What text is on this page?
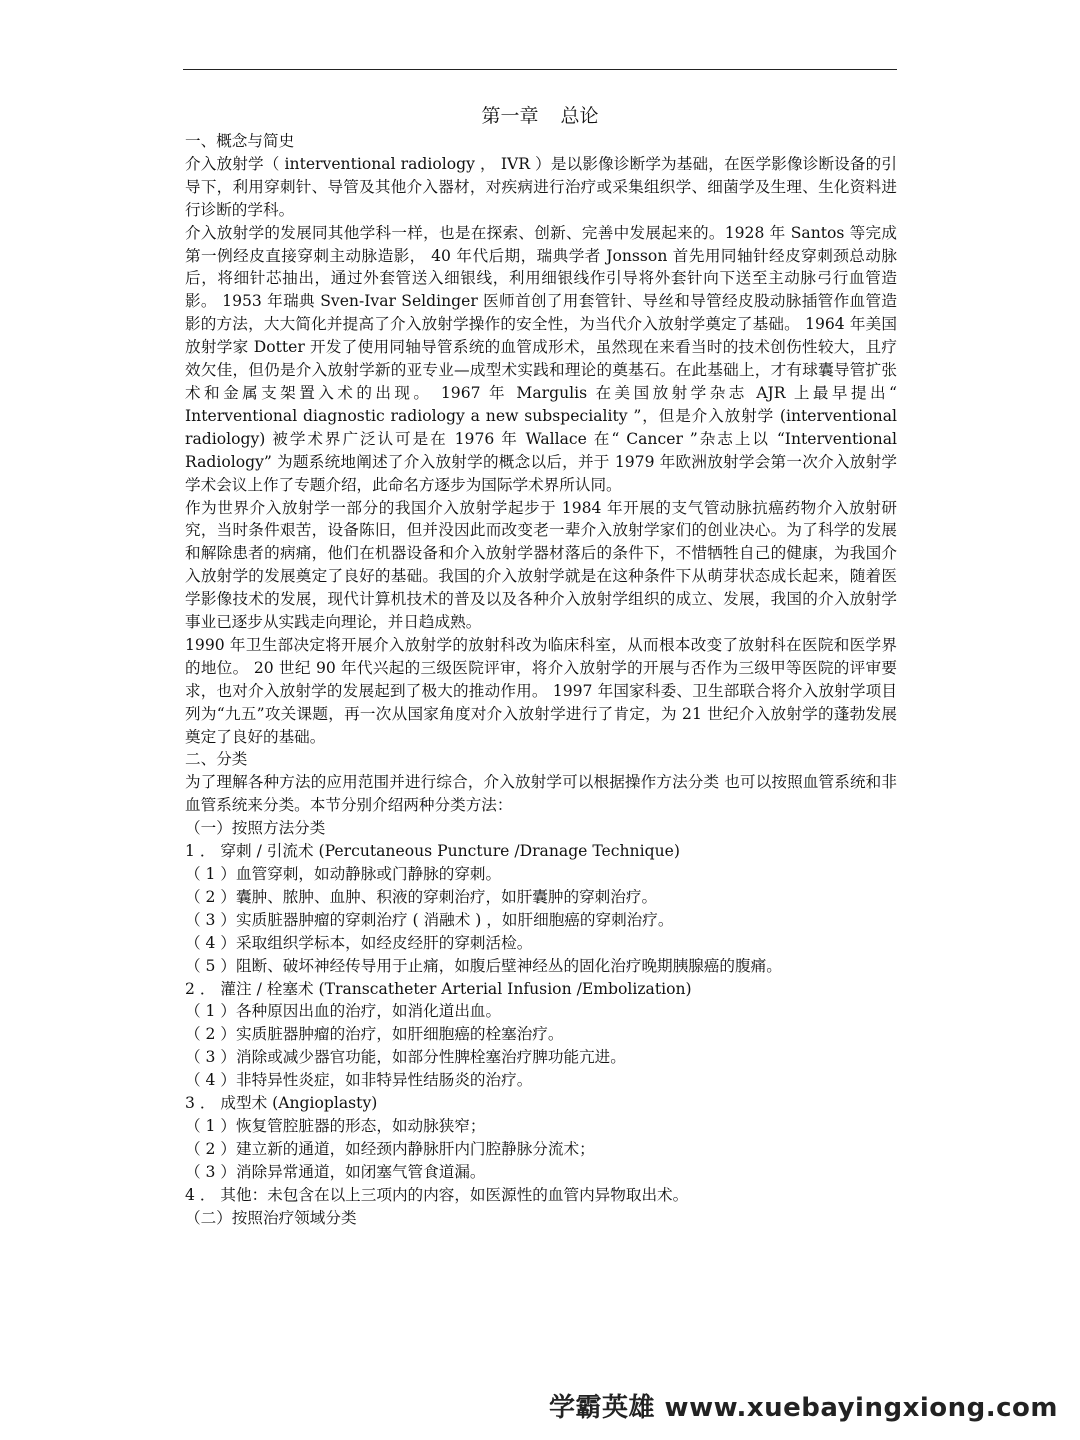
第一章 总论

一、概念与简史

介入放射学（ interventional radiology ， IVR ）是以影像诊断学为基础，在医学影像诊断设备的引导下，利用穿刺针、导管及其他介入器材，对疾病进行治疗或采集组织学、细菌学及生理、生化资料进行诊断的学科。

介入放射学的发展同其他学科一样，也是在探索、创新、完善中发展起来的。1928 年 Santos 等完成第一例经皮直接穿刺主动脉造影， 40 年代后期，瑞典学者 Jonsson 首先用同轴针经皮穿刺颈总动脉后，将细针芯抽出，通过外套管送入细银线，利用细银线作引导将外套针向下送至主动脉弓行血管造影。 1953 年瑞典 Sven-Ivar Seldinger 医师首创了用套管针、导丝和导管经皮股动脉插管作血管造影的方法，大大简化并提高了介入放射学操作的安全性，为当代介入放射学奠定了基础。 1964 年美国放射学家 Dotter 开发了使用同轴导管系统的血管成形术，虽然现在来看当时的技术创伤性较大，且疗效欠佳，但仍是介入放射学新的亚专业—成型术实践和理论的奠基石。在此基础上，才有球囊导管扩张术和金属支架置入术的出现。 1967 年 Margulis 在美国放射学杂志 AJR 上最早提出“ Interventional diagnostic radiology a new subspeciality ”，但是介入放射学 (interventional radiology) 被学术界广泛认可是在 1976 年 Wallace 在“ Cancer ”杂志上以 “Interventional Radiology” 为题系统地阐述了介入放射学的概念以后，并于 1979 年欧洲放射学会第一次介入放射学学术会议上作了专题介绍，此命名方逐步为国际学术界所认同。

作为世界介入放射学一部分的我国介入放射学起步于 1984 年开展的支气管动脉抗癌药物介入放射研究，当时条件艰苦，设备陈旧，但并没因此而改变老一辈介入放射学家们的创业决心。为了科学的发展和解除患者的病痛，他们在机器设备和介入放射学器材落后的条件下，不惜牺牲自己的健康，为我国介入放射学的发展奠定了良好的基础。我国的介入放射学就是在这种条件下从萌芽状态成长起来，随着医学影像技术的发展，现代计算机技术的普及以及各种介入放射学组织的成立、发展，我国的介入放射学事业已逐步从实践走向理论，并日趋成熟。

1990 年卫生部决定将开展介入放射学的放射科改为临床科室，从而根本改变了放射科在医院和医学界的地位。 20 世纪 90 年代兴起的三级医院评审，将介入放射学的开展与否作为三级甲等医院的评审要求，也对介入放射学的发展起到了极大的推动作用。 1997 年国家科委、卫生部联合将介入放射学项目列为“九五”攻关课题，再一次从国家角度对介入放射学进行了肯定，为 21 世纪介入放射学的蓬勃发展奠定了良好的基础。

二、分类

为了理解各种方法的应用范围并进行综合，介入放射学可以根据操作方法分类 也可以按照血管系统和非血管系统来分类。本节分别介绍两种分类方法：

（一）按照方法分类

1 ． 穿刺 / 引流术 (Percutaneous Puncture /Dranage Technique)

（ 1 ）血管穿刺，如动静脉或门静脉的穿刺。

（ 2 ）囊肿、脓肿、血肿、积液的穿刺治疗，如肝囊肿的穿刺治疗。

（ 3 ）实质脏器肿瘤的穿刺治疗 ( 消融术 ) ，如肝细胞癌的穿刺治疗。

（ 4 ）采取组织学标本，如经皮经肝的穿刺活检。

（ 5 ）阻断、破坏神经传导用于止痛，如腹后壁神经丛的固化治疗晚期胰腺癌的腹痛。

2 ． 灌注 / 栓塞术 (Transcatheter Arterial Infusion /Embolization)

（ 1 ）各种原因出血的治疗，如消化道出血。

（ 2 ）实质脏器肿瘤的治疗，如肝细胞癌的栓塞治疗。

（ 3 ）消除或减少器官功能，如部分性脾栓塞治疗脾功能亢进。

（ 4 ）非特异性炎症，如非特异性结肠炎的治疗。

3 ． 成型术 (Angioplasty)

（ 1 ）恢复管腔脏器的形态，如动脉狭窄；

（ 2 ）建立新的通道，如经颈内静脉肝内门腔静脉分流术；

（ 3 ）消除异常通道，如闭塞气管食道漏。

4 ． 其他：未包含在以上三项内的内容，如医源性的血管内异物取出术。

（二）按照治疗领域分类

学霸英雄 www.xuebayingxiong.com
